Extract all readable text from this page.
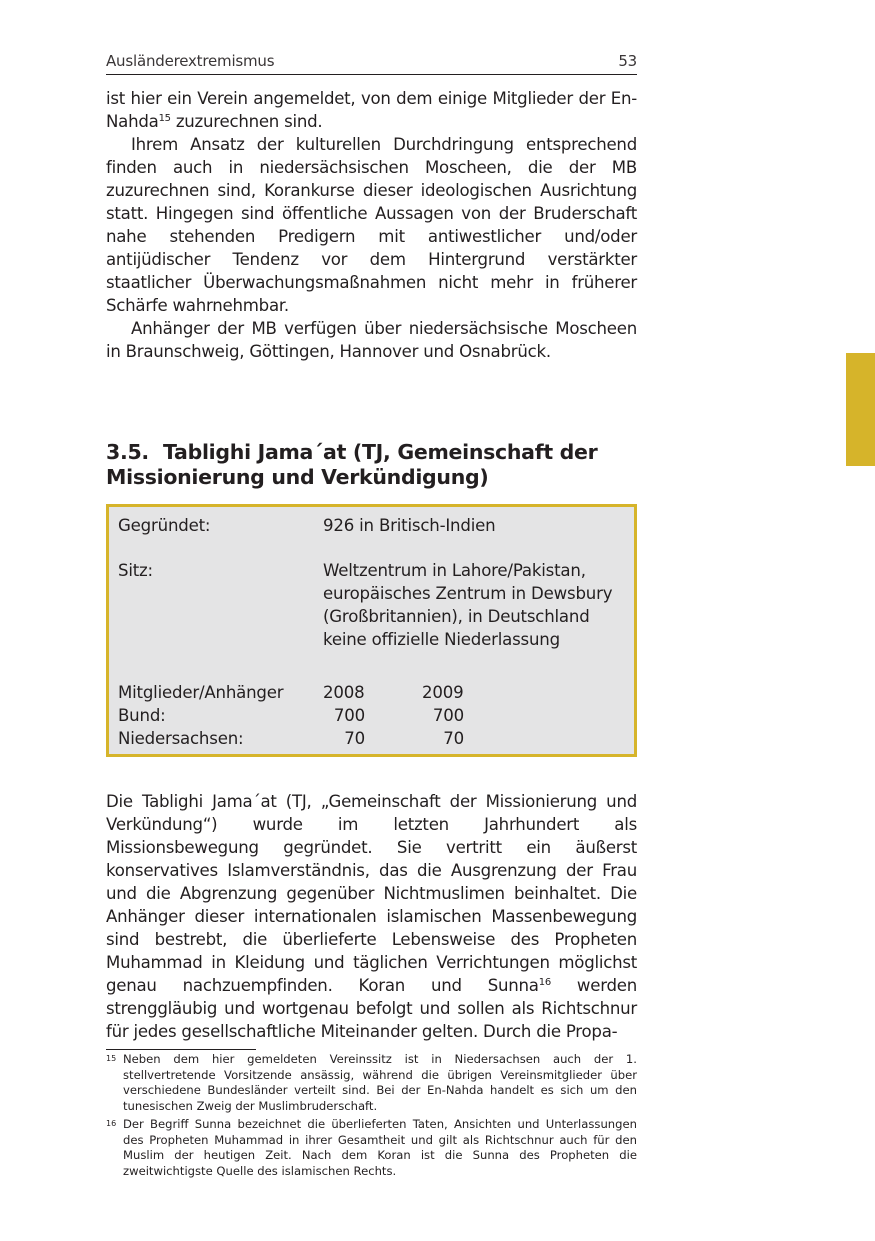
Ausländerextremismus	53

ist hier ein Verein angemeldet, von dem einige Mitglieder der En-Nahda$^{15}$ zuzurechnen sind.

Ihrem Ansatz der kulturellen Durchdringung entsprechend finden auch in niedersächsischen Moscheen, die der MB zuzurechnen sind, Korankurse dieser ideologischen Ausrichtung statt. Hingegen sind öffentliche Aussagen von der Bruderschaft nahe stehenden Predigern mit antiwestlicher und/oder antijüdischer Tendenz vor dem Hintergrund verstärkter staatlicher Überwachungsmaßnahmen nicht mehr in früherer Schärfe wahrnehmbar.

Anhänger der MB verfügen über niedersächsische Moscheen in Braunschweig, Göttingen, Hannover und Osnabrück.

3.5. Tablighi Jama´at (TJ, Gemeinschaft der Missionierung und Verkündigung)
Gegründet:	926 in Britisch-Indien
Sitz:	Weltzentrum in Lahore/Pakistan,
europäisches Zentrum in Dewsbury
(Großbritannien), in Deutschland
keine offizielle Niederlassung
Mitglieder/Anhänger 2008	2009
Bund:	700	700
Niedersachsen:	70	70

Die Tablighi Jama´at (TJ, „Gemeinschaft der Missionierung und Verkündung“) wurde im letzten Jahrhundert als Missionsbewegung gegründet. Sie vertritt ein äußerst konservatives Islamverständnis, das die Ausgrenzung der Frau und die Abgrenzung gegenüber Nichtmuslimen beinhaltet. Die Anhänger dieser internationalen islamischen Massenbewegung sind bestrebt, die überlieferte Lebensweise des Propheten Muhammad in Kleidung und täglichen Verrichtungen möglichst genau nachzuempfinden. Koran und Sunna$^{16}$ werden strenggläubig und wortgenau befolgt und sollen als Richtschnur für jedes gesellschaftliche Miteinander gelten. Durch die Propa-

15 Neben dem hier gemeldeten Vereinssitz ist in Niedersachsen auch der 1. stellvertretende Vorsitzende ansässig, während die übrigen Vereinsmitglieder über verschiedene Bundesländer verteilt sind. Bei der En-Nahda handelt es sich um den tunesischen Zweig der Muslimbruderschaft.

16 Der Begriff Sunna bezeichnet die überlieferten Taten, Ansichten und Unterlassungen des Propheten Muhammad in ihrer Gesamtheit und gilt als Richtschnur auch für den Muslim der heutigen Zeit. Nach dem Koran ist die Sunna des Propheten die zweitwichtigste Quelle des islamischen Rechts.
